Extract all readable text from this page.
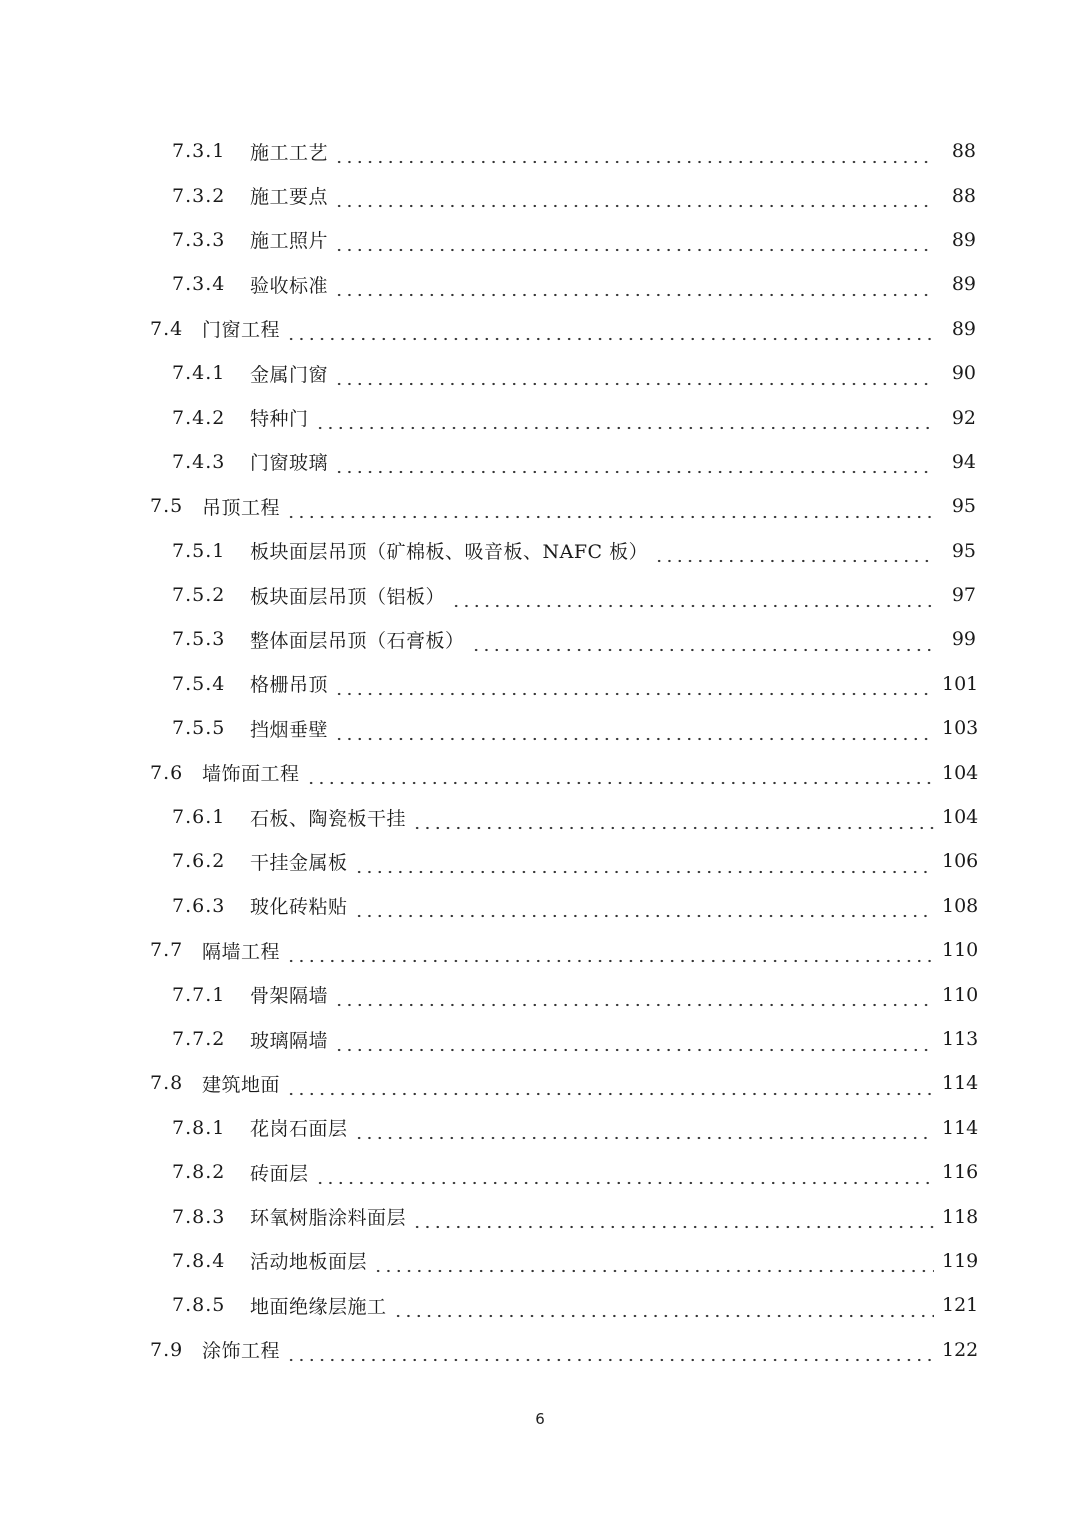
7.3.1	施工工艺	88
7.3.2	施工要点	88
7.3.3	施工照片	89
7.3.4	验收标准	89
7.4 门窗工程	89
7.4.1	金属门窗	90
7.4.2	特种门	92
7.4.3	门窗玻璃	94
7.5 吊顶工程	95
7.5.1	板块面层吊顶（矿棉板、吸音板、NAFC 板）	95
7.5.2	板块面层吊顶（铝板）	97
7.5.3	整体面层吊顶（石膏板）	99
7.5.4	格栅吊顶	101
7.5.5	挡烟垂壁	103
7.6 墙饰面工程	104
7.6.1	石板、陶瓷板干挂	104
7.6.2	干挂金属板	106
7.6.3	玻化砖粘贴	108
7.7 隔墙工程	110
7.7.1	骨架隔墙	110
7.7.2	玻璃隔墙	113
7.8 建筑地面	114
7.8.1	花岗石面层	114
7.8.2	砖面层	116
7.8.3	环氧树脂涂料面层	118
7.8.4	活动地板面层	119
7.8.5	地面绝缘层施工	121
7.9 涂饰工程	122
6
